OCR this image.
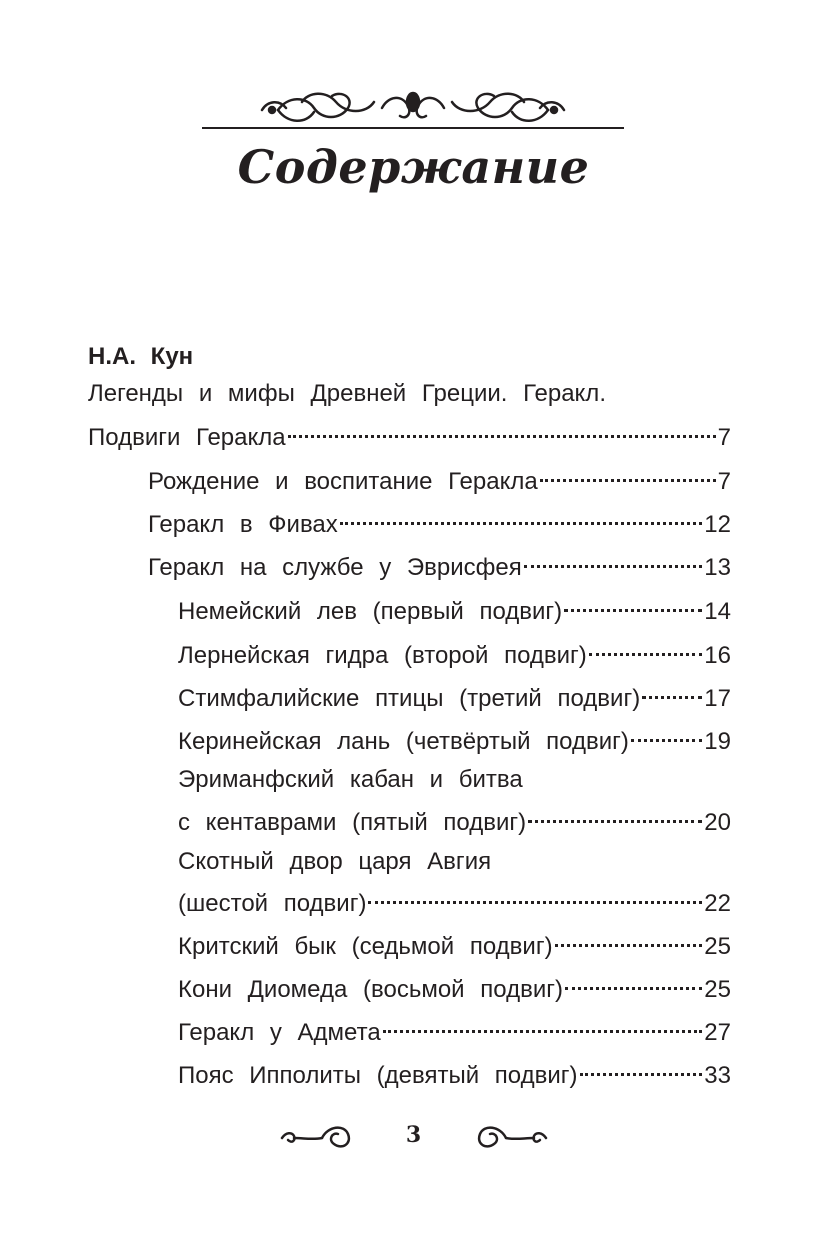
Содержание
Н.А. Кун
Легенды и мифы Древней Греции. Геракл.
Подвиги Геракла	7
Рождение и воспитание Геракла	7
Геракл в Фивах	12
Геракл на службе у Эврисфея	13
Немейский лев (первый подвиг)	14
Лернейская гидра (второй подвиг)	16
Стимфалийские птицы (третий подвиг)	17
Керинейская лань (четвёртый подвиг)	19
Эриманфский кабан и битва
с кентаврами (пятый подвиг)	20
Скотный двор царя Авгия
(шестой подвиг)	22
Критский бык (седьмой подвиг)	25
Кони Диомеда (восьмой подвиг)	25
Геракл у Адмета	27
Пояс Ипполиты (девятый подвиг)	33
3
